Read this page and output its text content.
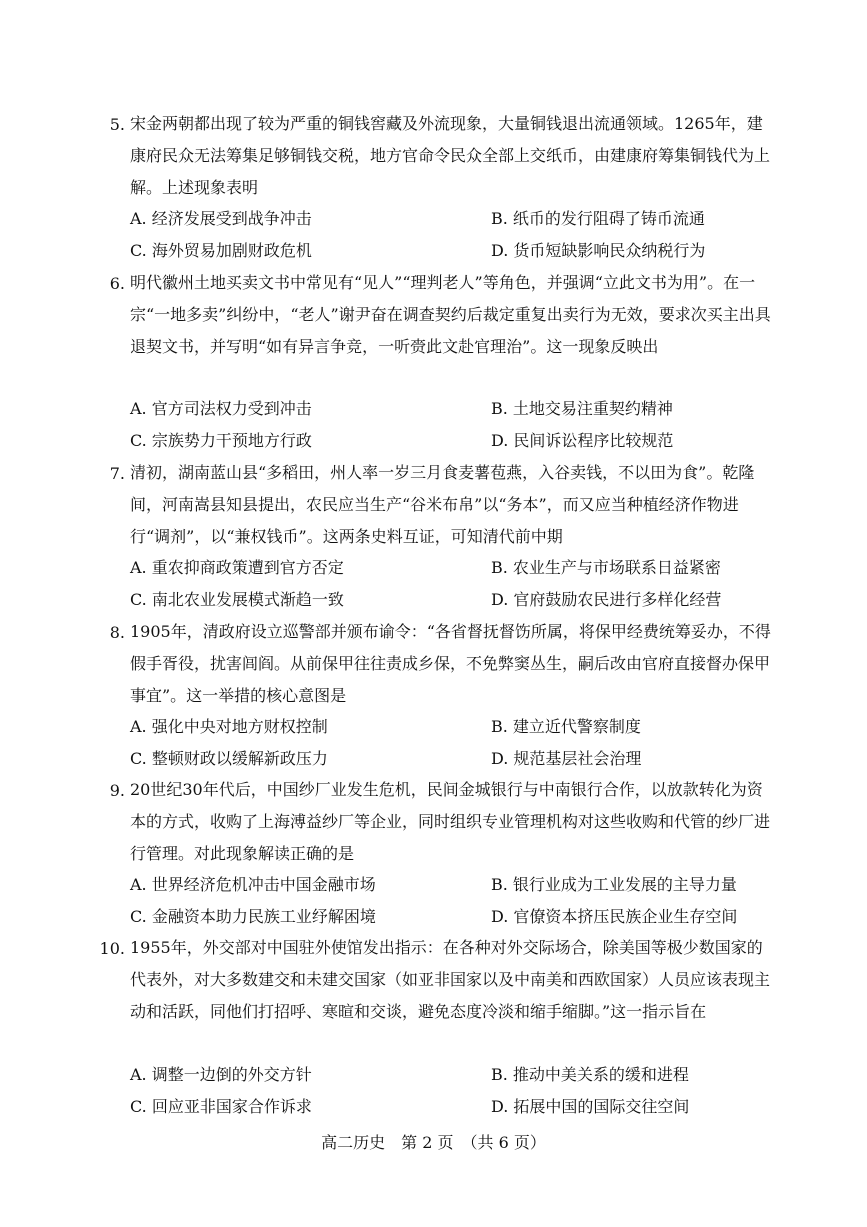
5. 宋金两朝都出现了较为严重的铜钱窖藏及外流现象，大量铜钱退出流通领域。1265年，建康府民众无法筹集足够铜钱交税，地方官命令民众全部上交纸币，由建康府筹集铜钱代为上解。上述现象表明
A. 经济发展受到战争冲击	B. 纸币的发行阻碍了铸币流通
C. 海外贸易加剧财政危机	D. 货币短缺影响民众纳税行为
6. 明代徽州土地买卖文书中常见有“见人”“理判老人”等角色，并强调“立此文书为用”。在一宗“一地多卖”纠纷中，“老人”谢尹奋在调查契约后裁定重复出卖行为无效，要求次买主出具退契文书，并写明“如有异言争竞，一听赍此文赴官理治”。这一现象反映出
A. 官方司法权力受到冲击	B. 土地交易注重契约精神
C. 宗族势力干预地方行政	D. 民间诉讼程序比较规范
7. 清初，湖南蓝山县“多稻田，州人率一岁三月食麦薯苞燕，入谷卖钱，不以田为食”。乾隆间，河南嵩县知县提出，农民应当生产“谷米布帛”以“务本”，而又应当种植经济作物进行“调剂”，以“兼权钱币”。这两条史料互证，可知清代前中期
A. 重农抑商政策遭到官方否定	B. 农业生产与市场联系日益紧密
C. 南北农业发展模式渐趋一致	D. 官府鼓励农民进行多样化经营
8. 1905年，清政府设立巡警部并颁布谕令：“各省督抚督饬所属，将保甲经费统筹妥办，不得假手胥役，扰害闾阎。从前保甲往往责成乡保，不免弊窦丛生，嗣后改由官府直接督办保甲事宜”。这一举措的核心意图是
A. 强化中央对地方财权控制	B. 建立近代警察制度
C. 整顿财政以缓解新政压力	D. 规范基层社会治理
9. 20世纪30年代后，中国纱厂业发生危机，民间金城银行与中南银行合作，以放款转化为资本的方式，收购了上海溥益纱厂等企业，同时组织专业管理机构对这些收购和代管的纱厂进行管理。对此现象解读正确的是
A. 世界经济危机冲击中国金融市场	B. 银行业成为工业发展的主导力量
C. 金融资本助力民族工业纾解困境	D. 官僚资本挤压民族企业生存空间
10. 1955年，外交部对中国驻外使馆发出指示：在各种对外交际场合，除美国等极少数国家的代表外，对大多数建交和未建交国家（如亚非国家以及中南美和西欧国家）人员应该表现主动和活跃，同他们打招呼、寒暄和交谈，避免态度冷淡和缩手缩脚。”这一指示旨在
A. 调整一边倒的外交方针	B. 推动中美关系的缓和进程
C. 回应亚非国家合作诉求	D. 拓展中国的国际交往空间
高二历史　第 2 页　（共 6 页）
